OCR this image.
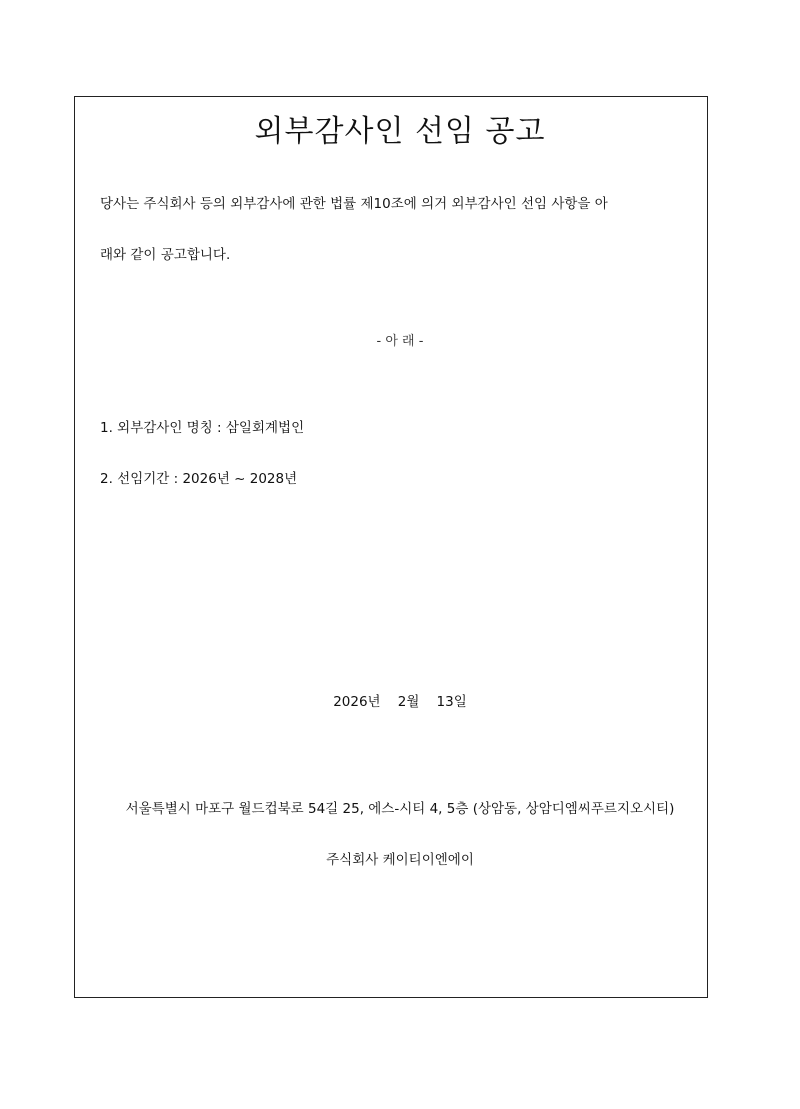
외부감사인 선임 공고
당사는 주식회사 등의 외부감사에 관한 법률 제10조에 의거 외부감사인 선임 사항을 아
래와 같이 공고합니다.
- 아 래 -
1. 외부감사인 명칭 : 삼일회계법인
2. 선임기간 : 2026년 ~ 2028년
2026년    2월    13일
서울특별시 마포구 월드컵북로 54길 25, 에스-시티 4, 5층 (상암동, 상암디엠씨푸르지오시티)
주식회사 케이티이엔에이
